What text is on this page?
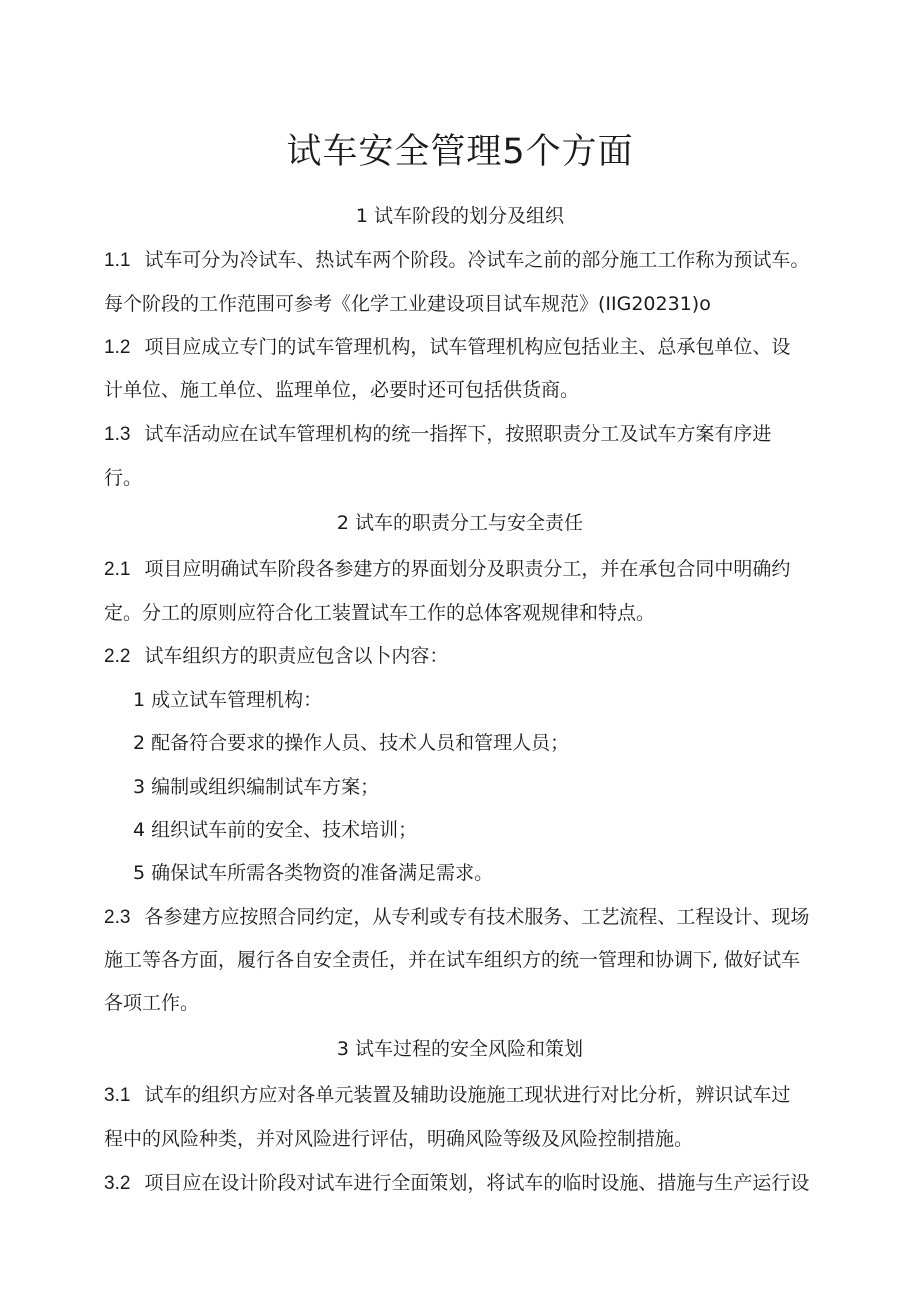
试车安全管理5个方面
1 试车阶段的划分及组织
1.1 试车可分为冷试车、热试车两个阶段。冷试车之前的部分施工工作称为预试车。
每个阶段的工作范围可参考《化学工业建设项目试车规范》(IIG20231)o
1.2 项目应成立专门的试车管理机构，试车管理机构应包括业主、总承包单位、设
计单位、施工单位、监理单位，必要时还可包括供货商。
1.3 试车活动应在试车管理机构的统一指挥下，按照职责分工及试车方案有序进
行。
2 试车的职责分工与安全责任
2.1 项目应明确试车阶段各参建方的界面划分及职责分工，并在承包合同中明确约
定。分工的原则应符合化工装置试车工作的总体客观规律和特点。
2.2 试车组织方的职责应包含以卜内容：
1 成立试车管理机构：
2 配备符合要求的操作人员、技术人员和管理人员；
3 编制或组织编制试车方案；
4 组织试车前的安全、技术培训；
5 确保试车所需各类物资的准备满足需求。
2.3 各参建方应按照合同约定，从专利或专有技术服务、工艺流程、工程设计、现场
施工等各方面，履行各自安全责任，并在试车组织方的统一管理和协调下, 做好试车
各项工作。
3 试车过程的安全风险和策划
3.1 试车的组织方应对各单元装置及辅助设施施工现状进行对比分析，辨识试车过
程中的风险种类，并对风险进行评估，明确风险等级及风险控制措施。
3.2 项目应在设计阶段对试车进行全面策划，将试车的临时设施、措施与生产运行设
